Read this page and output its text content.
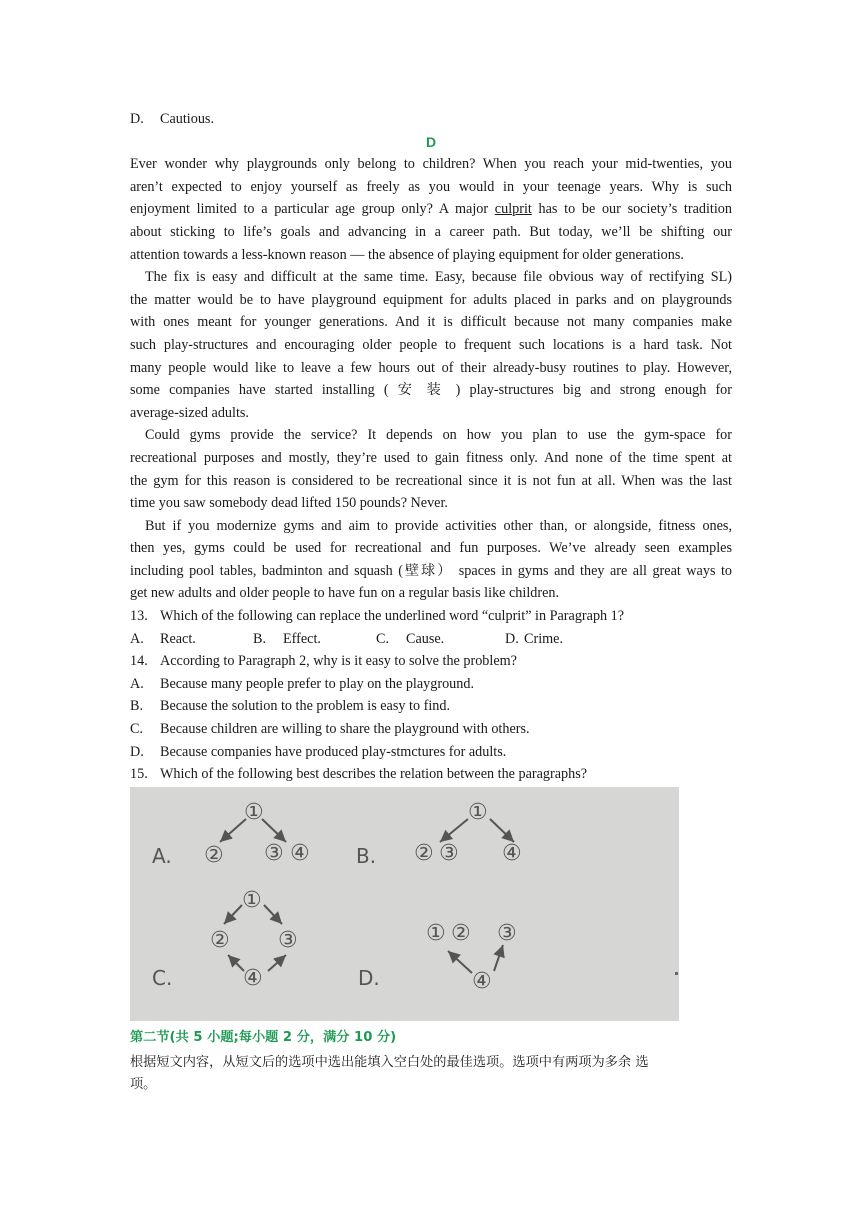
D.	Cautious.
D
Ever wonder why playgrounds only belong to children? When you reach your mid-twenties, you
aren’t expected to enjoy yourself as freely as you would in your teenage years. Why is such
enjoyment limited to a particular age group only? A major culprit has to be our society’s tradition
about sticking to life’s goals and advancing in a career path. But today, we’ll be shifting our
attention towards a less-known reason — the absence of playing equipment for older generations.
The fix is easy and difficult at the same time. Easy, because file obvious way of rectifying SL)
the matter would be to have playground equipment for adults placed in parks and on playgrounds
with ones meant for younger generations. And it is difficult because not many companies make
such play-structures and encouraging older people to frequent such locations is a hard task. Not
many people would like to leave a few hours out of their already-busy routines to play. However,
some companies have started installing ( 安 装 ) play-structures big and strong enough for
average-sized adults.
Could gyms provide the service? It depends on how you plan to use the gym-space for
recreational purposes and mostly, they’re used to gain fitness only. And none of the time spent at
the gym for this reason is considered to be recreational since it is not fun at all. When was the last
time you saw somebody dead lifted 150 pounds? Never.
But if you modernize gyms and aim to provide activities other than, or alongside, fitness ones,
then yes, gyms could be used for recreational and fun purposes. We’ve already seen examples
including pool tables, badminton and squash (壁球） spaces in gyms and they are all great ways to
get new adults and older people to have fun on a regular basis like children.
13. Which of the following can replace the underlined word “culprit” in Paragraph 1?
A. React.	B. Effect.	C. Cause.	D. Crime.
14. According to Paragraph 2, why is it easy to solve the problem?
A.	Because many people prefer to play on the playground.
B.	Because the solution to the problem is easy to find.
C.	Because children are willing to share the playground with others.
D.	Because companies have produced play-stmctures for adults.
15. Which of the following best describes the relation between the paragraphs?
A.
①
② ③ ④ B.
①
② ③ ④
C.
①
② ③
④	D.
① ② ③
④
第二节(共 5 小题;每小题 2 分，满分 10 分)
根据短文内容，从短文后的选项中选出能填入空白处的最佳选项。选项中有两项为多余 选
项。
